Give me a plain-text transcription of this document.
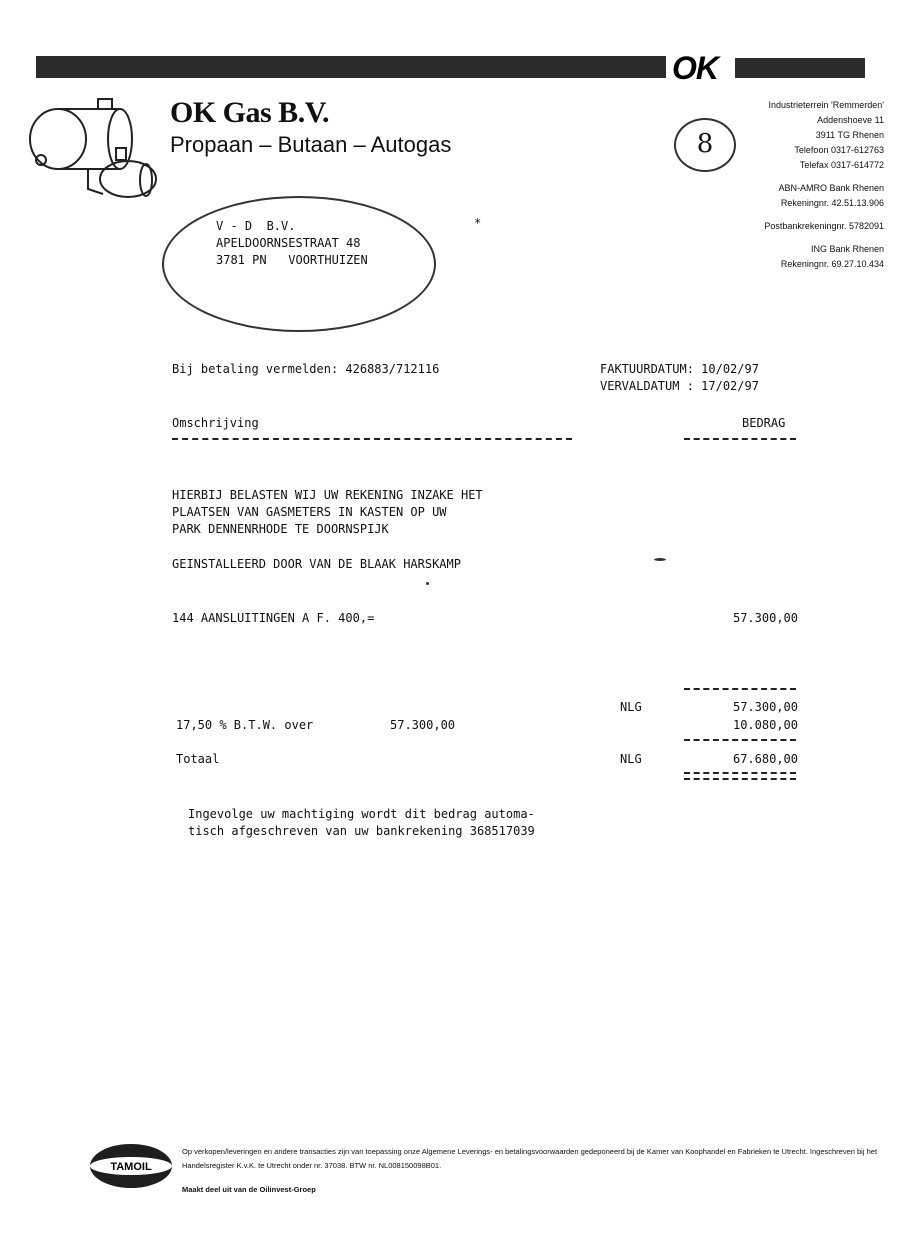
OK
OK Gas B.V.
Propaan – Butaan – Autogas	8
Industrieterrein 'Remmerden'
Addenshoeve 11
3911 TG Rhenen
Telefoon 0317-612763
Telefax 0317-614772
ABN-AMRO Bank Rhenen
Rekeningnr. 42.51.13.906
Postbankrekeningnr. 5782091
ING Bank Rhenen
Rekeningnr. 69.27.10.434
V - D  B.V.
APELDOORNSESTRAAT 48
3781 PN   VOORTHUIZEN
*
Bij betaling vermelden: 426883/712116	FAKTUURDATUM: 10/02/97
VERVALDATUM : 17/02/97
Omschrijving	BEDRAG
HIERBIJ BELASTEN WIJ UW REKENING INZAKE HET
PLAATSEN VAN GASMETERS IN KASTEN OP UW
PARK DENNENRHODE TE DOORNSPIJK
GEINSTALLEERD DOOR VAN DE BLAAK HARSKAMP
144 AANSLUITINGEN A F. 400,=	57.300,00
NLG	57.300,00
17,50 % B.T.W. over	57.300,00	10.080,00
Totaal	NLG	67.680,00
Ingevolge uw machtiging wordt dit bedrag automa-
tisch afgeschreven van uw bankrekening 368517039
TAMOIL
Op verkopen/leveringen en andere transacties zijn van toepassing onze Algemene Leverings- en betalingsvoorwaarden gedeponeerd bij de Kamer van Koophandel en Fabrieken te Utrecht. Ingeschreven bij het Handelsregister K.v.K. te Utrecht onder nr. 37038. BTW nr. NL008150098B01.
Maakt deel uit van de Oilinvest-Groep
